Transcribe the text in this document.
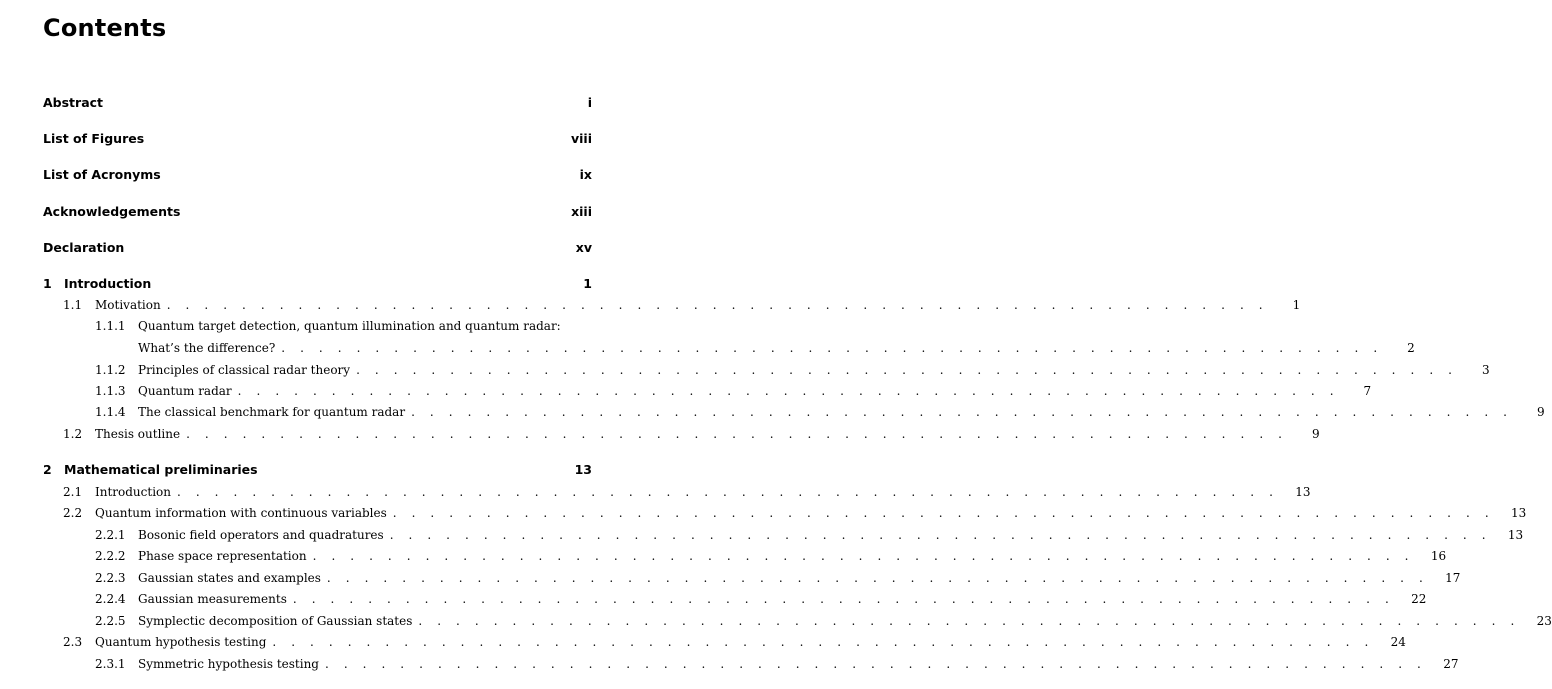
Contents
Abstract	i
List of Figures	viii
List of Acronyms	ix
Acknowledgements	xiii
Declaration	xv
1 Introduction	1
1.1	Motivation . . . . . . . . . . . . . . . . . . . . . . . . . . . . . . . . . . . . . . . . . . . . . . . . . . . . . . . . . . .	1
1.1.1 Quantum target detection, quantum illumination and quantum radar:
What’s the difference? . . . . . . . . . . . . . . . . . . . . . . . . . . . . . . . . . . . . . . . . . . . . . . . . . . . . . . . . . . .	2
1.1.2	Principles of classical radar theory . . . . . . . . . . . . . . . . . . . . . . . . . . . . . . . . . . . . . . . . . . . . . . . . . . . . . . . . . . .	3
1.1.3	Quantum radar . . . . . . . . . . . . . . . . . . . . . . . . . . . . . . . . . . . . . . . . . . . . . . . . . . . . . . . . . . .	7
1.1.4	The classical benchmark for quantum radar . . . . . . . . . . . . . . . . . . . . . . . . . . . . . . . . . . . . . . . . . . . . . . . . . . . . . . . . . . .	9
1.2	Thesis outline . . . . . . . . . . . . . . . . . . . . . . . . . . . . . . . . . . . . . . . . . . . . . . . . . . . . . . . . . . .	9
2 Mathematical preliminaries	13
2.1	Introduction . . . . . . . . . . . . . . . . . . . . . . . . . . . . . . . . . . . . . . . . . . . . . . . . . . . . . . . . . . .	13
2.2	Quantum information with continuous variables . . . . . . . . . . . . . . . . . . . . . . . . . . . . . . . . . . . . . . . . . . . . . . . . . . . . . . . . . . .	13
2.2.1	Bosonic field operators and quadratures . . . . . . . . . . . . . . . . . . . . . . . . . . . . . . . . . . . . . . . . . . . . . . . . . . . . . . . . . . .	13
2.2.2	Phase space representation . . . . . . . . . . . . . . . . . . . . . . . . . . . . . . . . . . . . . . . . . . . . . . . . . . . . . . . . . . .	16
2.2.3	Gaussian states and examples . . . . . . . . . . . . . . . . . . . . . . . . . . . . . . . . . . . . . . . . . . . . . . . . . . . . . . . . . . .	17
2.2.4	Gaussian measurements . . . . . . . . . . . . . . . . . . . . . . . . . . . . . . . . . . . . . . . . . . . . . . . . . . . . . . . . . . .	22
2.2.5	Symplectic decomposition of Gaussian states . . . . . . . . . . . . . . . . . . . . . . . . . . . . . . . . . . . . . . . . . . . . . . . . . . . . . . . . . . .	23
2.3	Quantum hypothesis testing . . . . . . . . . . . . . . . . . . . . . . . . . . . . . . . . . . . . . . . . . . . . . . . . . . . . . . . . . . .	24
2.3.1	Symmetric hypothesis testing . . . . . . . . . . . . . . . . . . . . . . . . . . . . . . . . . . . . . . . . . . . . . . . . . . . . . . . . . . .	27
